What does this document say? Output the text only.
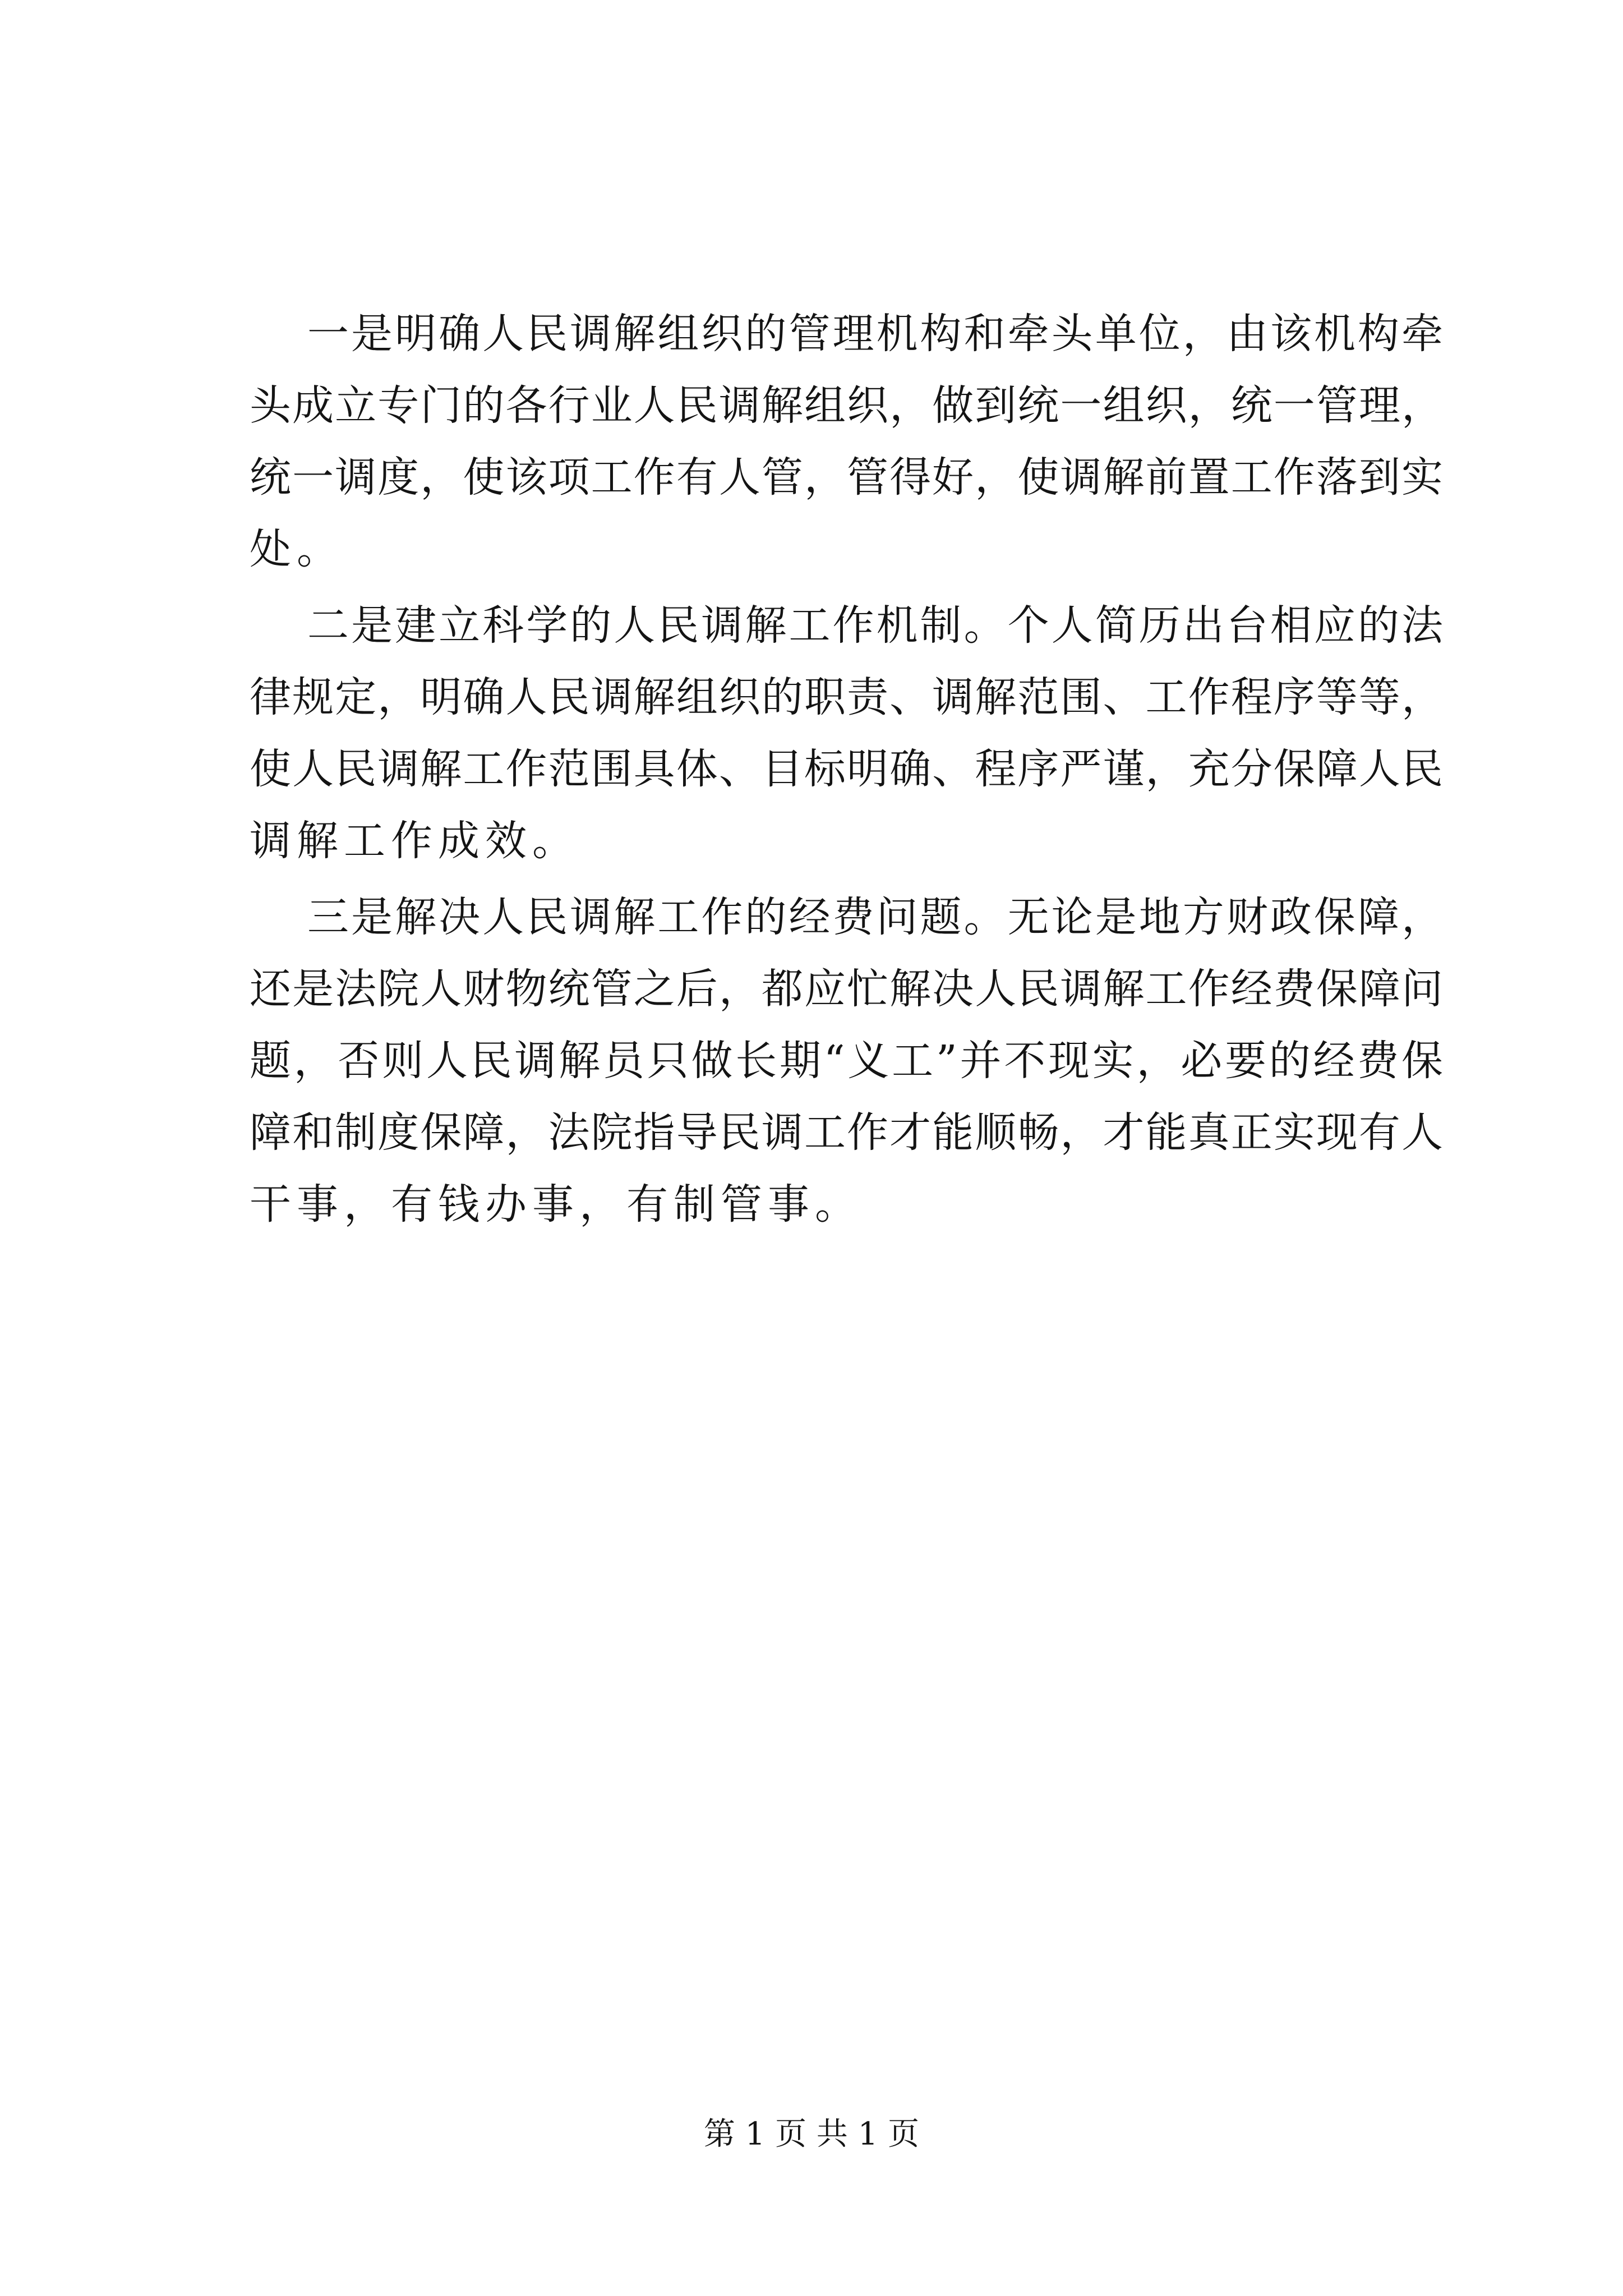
一是明确人民调解组织的管理机构和牵头单位，由该机构牵
头成立专门的各行业人民调解组织，做到统一组织，统一管理，
统一调度，使该项工作有人管，管得好，使调解前置工作落到实
处。
二是建立科学的人民调解工作机制。个人简历出台相应的法
律规定，明确人民调解组织的职责、调解范围、工作程序等等，
使人民调解工作范围具体、目标明确、程序严谨，充分保障人民
调解工作成效。
三是解决人民调解工作的经费问题。无论是地方财政保障，
还是法院人财物统管之后，都应忙解决人民调解工作经费保障问
题，否则人民调解员只做长期“义工”并不现实，必要的经费保
障和制度保障，法院指导民调工作才能顺畅，才能真正实现有人
干事，有钱办事，有制管事。
第 1 页 共 1 页
